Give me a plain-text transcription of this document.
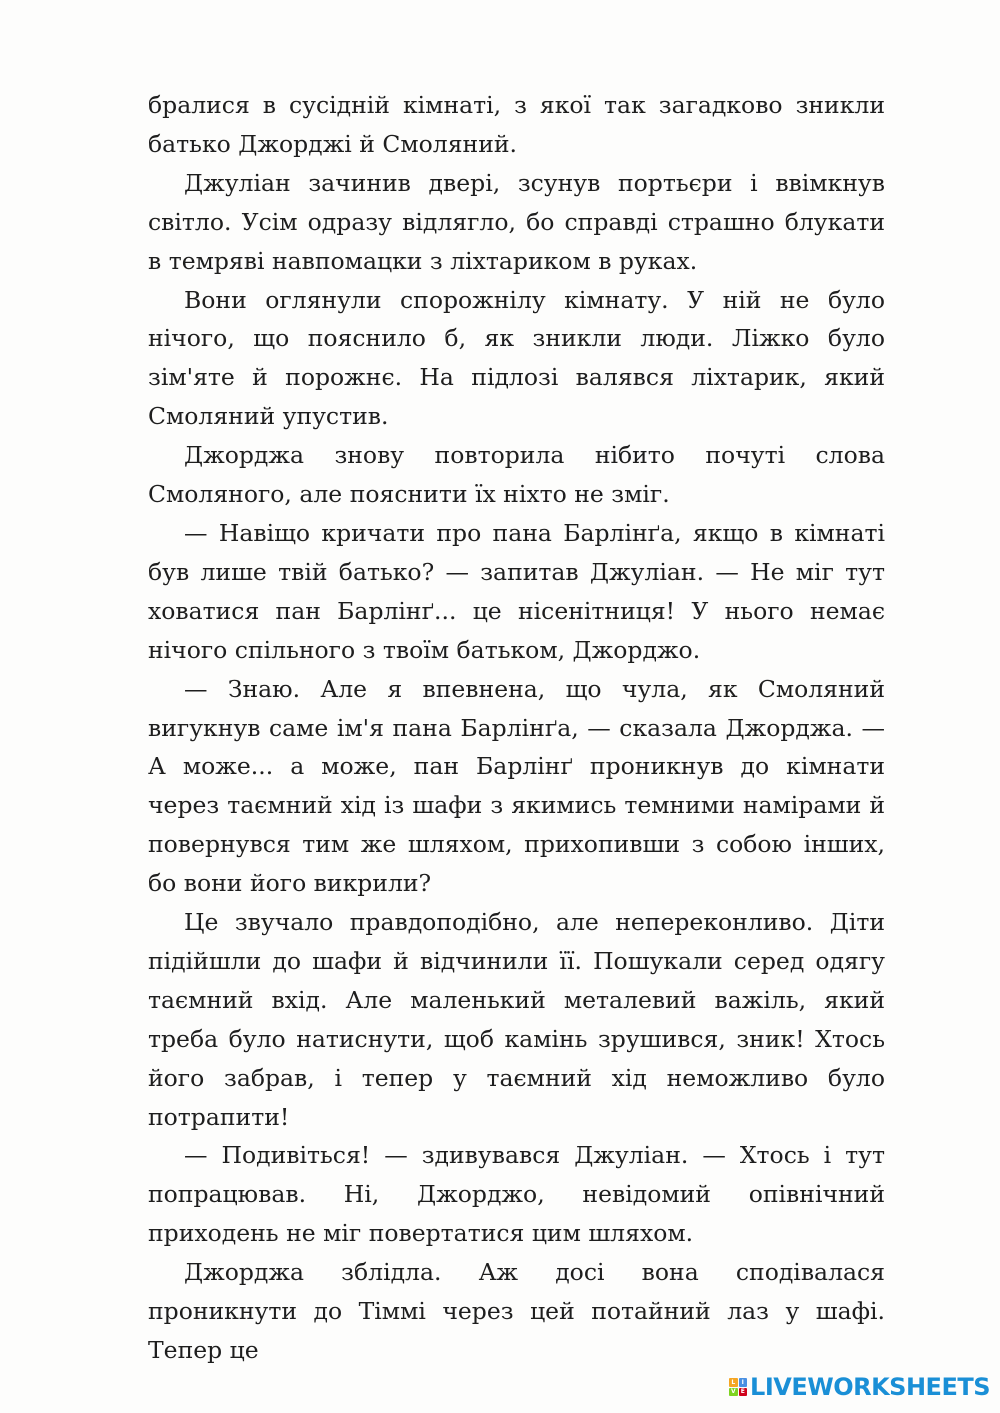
бралися в сусідній кімнаті, з якої так загадково зникли батько Джорджі й Смоляний.

Джуліан зачинив двері, зсунув портьєри і ввімкнув світло. Усім одразу відлягло, бо справді страшно блукати в темряві навпомацки з ліхтариком в руках.

Вони оглянули спорожнілу кімнату. У ній не було нічого, що пояснило б, як зникли люди. Ліжко було зім'яте й порожнє. На підлозі валявся ліхтарик, який Смоляний упустив.

Джорджа знову повторила нібито почуті слова Смоляного, але пояснити їх ніхто не зміг.

— Навіщо кричати про пана Барлінґа, якщо в кімнаті був лише твій батько? — запитав Джуліан. — Не міг тут ховатися пан Барлінґ... це нісенітниця! У нього немає нічого спільного з твоїм батьком, Джорджо.

— Знаю. Але я впевнена, що чула, як Смоляний вигукнув саме ім'я пана Барлінґа, — сказала Джорджа. — А може... а може, пан Барлінґ проникнув до кімнати через таємний хід із шафи з якимись темними намірами й повернувся тим же шляхом, прихопивши з собою інших, бо вони його викрили?

Це звучало правдоподібно, але непереконливо. Діти підійшли до шафи й відчинили її. Пошукали серед одягу таємний вхід. Але маленький металевий важіль, який треба було натиснути, щоб камінь зрушився, зник! Хтось його забрав, і тепер у таємний хід неможливо було потрапити!

— Подивіться! — здивувався Джуліан. — Хтось і тут попрацював. Ні, Джорджо, невідомий опівнічний приходень не міг повертатися цим шляхом.

Джорджа зблідла. Аж досі вона сподівалася проникнути до Тіммі через цей потайний лаз у шафі. Тепер це

L	I
V E LIVEWORKSHEETS
